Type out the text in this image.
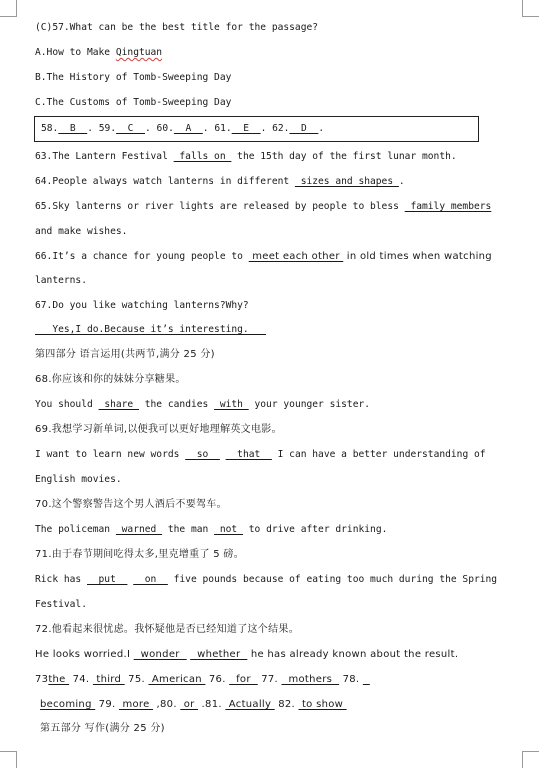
(C)57.What can be the best title for the passage?
A.How to Make Qingtuan
B.The History of Tomb-Sweeping Day
C.The Customs of Tomb-Sweeping Day
58.  B  . 59.  C  . 60.  A  . 61.  E  . 62.  D  .
63.The Lantern Festival  falls on  the 15th day of the first lunar month.
64.People always watch lanterns in different  sizes and shapes .
65.Sky lanterns or river lights are released by people to bless  family members
and make wishes.
66.It’s a chance for young people to  meet each other  in old times when watching
lanterns.
67.Do you like watching lanterns?Why?
Yes,I do.Because it’s interesting.
第四部分 语言运用(共两节,满分 25 分)
68.你应该和你的妹妹分享糖果。
You should  share  the candies  with  your younger sister.
69.我想学习新单词,以便我可以更好地理解英文电影。
I want to learn new words   so     that   I can have a better understanding of
English movies.
70.这个警察警告这个男人酒后不要驾车。
The policeman  warned  the man  not  to drive after drinking.
71.由于春节期间吃得太多,里克增重了 5 磅。
Rick has   put     on   five pounds because of eating too much during the Spring
Festival.
72.他看起来很忧虑。我怀疑他是否已经知道了这个结果。
He looks worried.I   wonder     whether   he has already known about the result.
73the  74.  third  75.  American  76.   for   77.   mothers   78.
becoming  79.  more  ,80.  or  .81.  Actually  82.  to show
第五部分 写作(满分 25 分)
